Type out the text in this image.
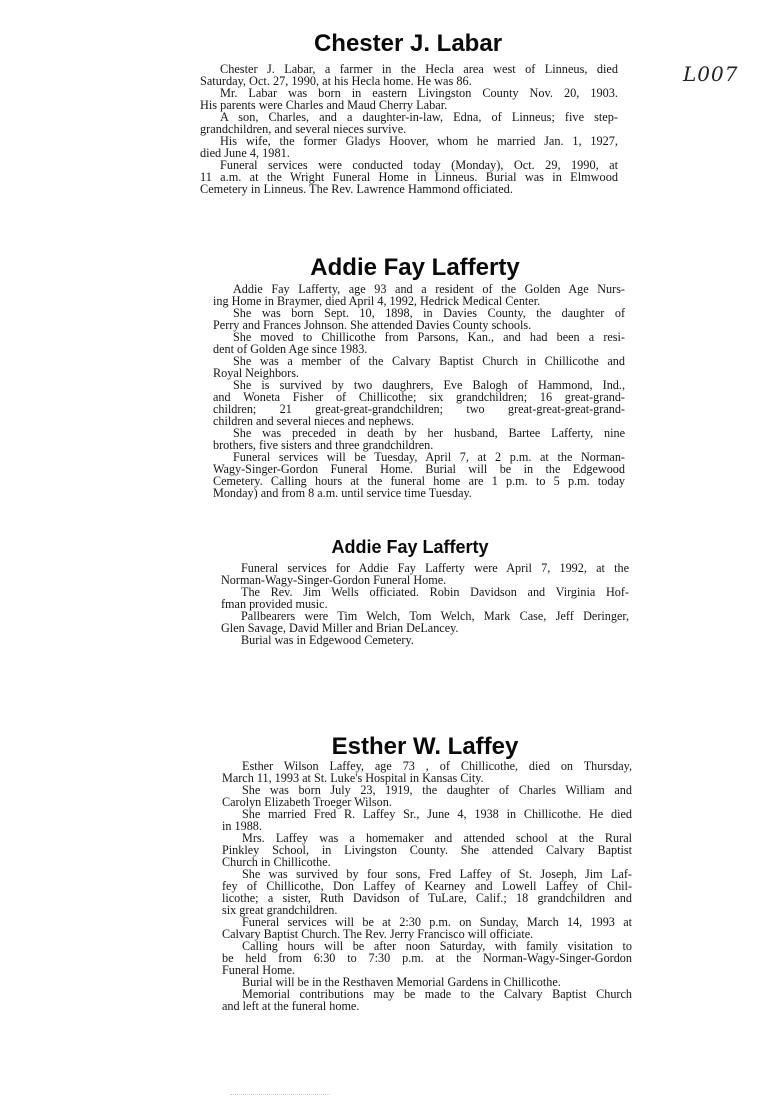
L007
Chester J. Labar
Chester J. Labar, a farmer in the Hecla area west of Linneus, died
Saturday, Oct. 27, 1990, at his Hecla home. He was 86.
Mr. Labar was born in eastern Livingston County Nov. 20, 1903.
His parents were Charles and Maud Cherry Labar.
A son, Charles, and a daughter-in-law, Edna, of Linneus; five step-
grandchildren, and several nieces survive.
His wife, the former Gladys Hoover, whom he married Jan. 1, 1927,
died June 4, 1981.
Funeral services were conducted today (Monday), Oct. 29, 1990, at
11 a.m. at the Wright Funeral Home in Linneus. Burial was in Elmwood
Cemetery in Linneus. The Rev. Lawrence Hammond officiated.
Addie Fay Lafferty
Addie Fay Lafferty, age 93 and a resident of the Golden Age Nurs-
ing Home in Braymer, died April 4, 1992, Hedrick Medical Center.
She was born Sept. 10, 1898, in Davies County, the daughter of
Perry and Frances Johnson. She attended Davies County schools.
She moved to Chillicothe from Parsons, Kan., and had been a resi-
dent of Golden Age since 1983.
She was a member of the Calvary Baptist Church in Chillicothe and
Royal Neighbors.
She is survived by two daughrers, Eve Balogh of Hammond, Ind.,
and Woneta Fisher of Chillicothe; six grandchildren; 16 great-grand-
children; 21 great-great-grandchildren; two great-great-great-grand-
children and several nieces and nephews.
She was preceded in death by her husband, Bartee Lafferty, nine
brothers, five sisters and three grandchildren.
Funeral services will be Tuesday, April 7, at 2 p.m. at the Norman-
Wagy-Singer-Gordon Funeral Home. Burial will be in the Edgewood
Cemetery. Calling hours at the funeral home are 1 p.m. to 5 p.m. today
Monday) and from 8 a.m. until service time Tuesday.
Addie Fay Lafferty
Funeral services for Addie Fay Lafferty were April 7, 1992, at the
Norman-Wagy-Singer-Gordon Funeral Home.
The Rev. Jim Wells officiated. Robin Davidson and Virginia Hof-
fman provided music.
Pallbearers were Tim Welch, Tom Welch, Mark Case, Jeff Deringer,
Glen Savage, David Miller and Brian DeLancey.
Burial was in Edgewood Cemetery.
Esther W. Laffey
Esther Wilson Laffey, age 73 , of Chillicothe, died on Thursday,
March 11, 1993 at St. Luke's Hospital in Kansas City.
She was born July 23, 1919, the daughter of Charles William and
Carolyn Elizabeth Troeger Wilson.
She married Fred R. Laffey Sr., June 4, 1938 in Chillicothe. He died
in 1988.
Mrs. Laffey was a homemaker and attended school at the Rural
Pinkley School, in Livingston County. She attended Calvary Baptist
Church in Chillicothe.
She was survived by four sons, Fred Laffey of St. Joseph, Jim Laf-
fey of Chillicothe, Don Laffey of Kearney and Lowell Laffey of Chil-
licothe; a sister, Ruth Davidson of TuLare, Calif.; 18 grandchildren and
six great grandchildren.
Funeral services will be at 2:30 p.m. on Sunday, March 14, 1993 at
Calvary Baptist Church. The Rev. Jerry Francisco will officiate.
Calling hours will be after noon Saturday, with family visitation to
be held from 6:30 to 7:30 p.m. at the Norman-Wagy-Singer-Gordon
Funeral Home.
Burial will be in the Resthaven Memorial Gardens in Chillicothe.
Memorial contributions may be made to the Calvary Baptist Church
and left at the funeral home.
